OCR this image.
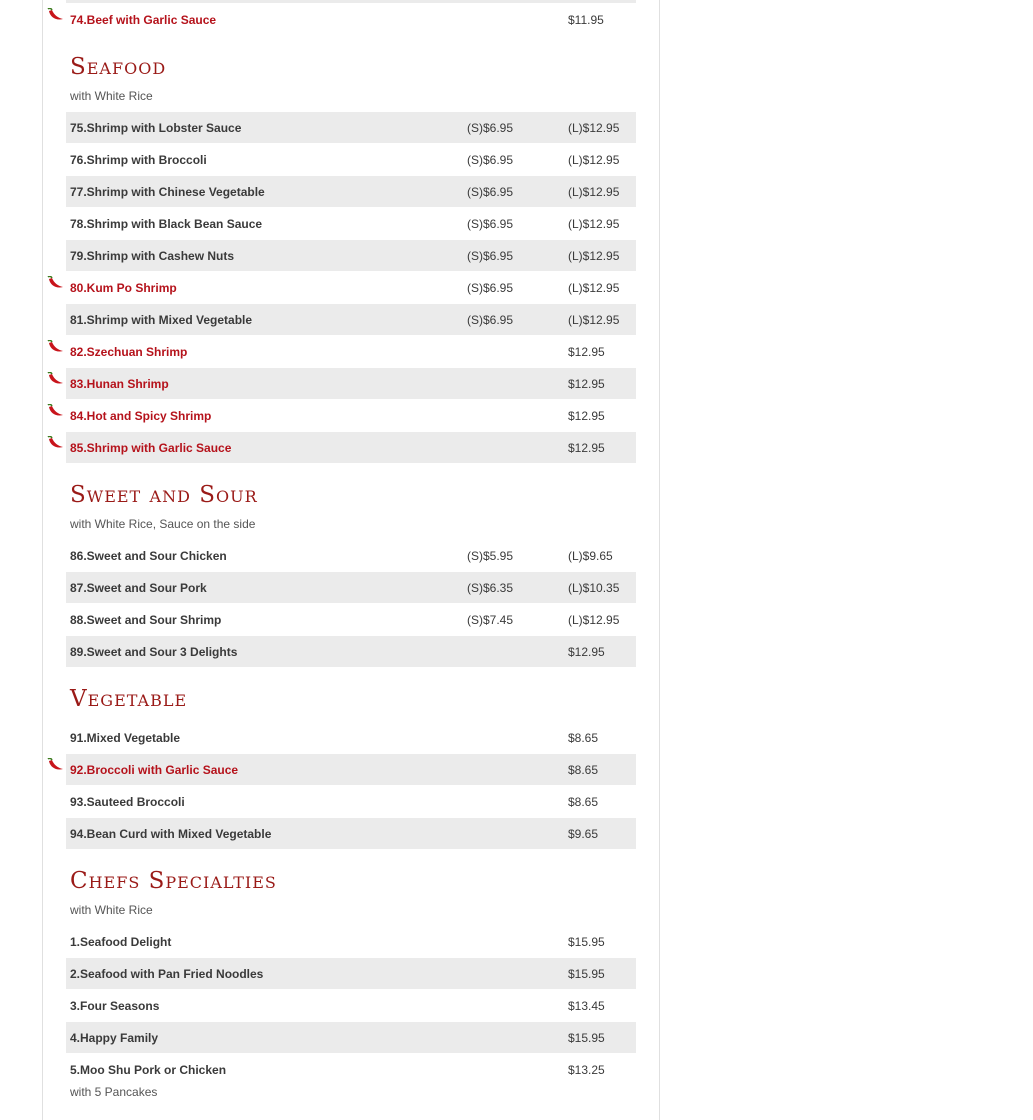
74.Beef with Garlic Sauce	$11.95
Seafood
with White Rice
75.Shrimp with Lobster Sauce	(S)$6.95	(L)$12.95
76.Shrimp with Broccoli	(S)$6.95	(L)$12.95
77.Shrimp with Chinese Vegetable	(S)$6.95	(L)$12.95
78.Shrimp with Black Bean Sauce	(S)$6.95	(L)$12.95
79.Shrimp with Cashew Nuts	(S)$6.95	(L)$12.95
80.Kum Po Shrimp	(S)$6.95	(L)$12.95
81.Shrimp with Mixed Vegetable	(S)$6.95	(L)$12.95
82.Szechuan Shrimp	$12.95
83.Hunan Shrimp	$12.95
84.Hot and Spicy Shrimp	$12.95
85.Shrimp with Garlic Sauce	$12.95
Sweet and Sour
with White Rice, Sauce on the side
86.Sweet and Sour Chicken	(S)$5.95	(L)$9.65
87.Sweet and Sour Pork	(S)$6.35	(L)$10.35
88.Sweet and Sour Shrimp	(S)$7.45	(L)$12.95
89.Sweet and Sour 3 Delights	$12.95
Vegetable
91.Mixed Vegetable	$8.65
92.Broccoli with Garlic Sauce	$8.65
93.Sauteed Broccoli	$8.65
94.Bean Curd with Mixed Vegetable	$9.65
Chefs Specialties
with White Rice
1.Seafood Delight	$15.95
2.Seafood with Pan Fried Noodles	$15.95
3.Four Seasons	$13.45
4.Happy Family	$15.95
5.Moo Shu Pork or Chicken	$13.25
with 5 Pancakes
